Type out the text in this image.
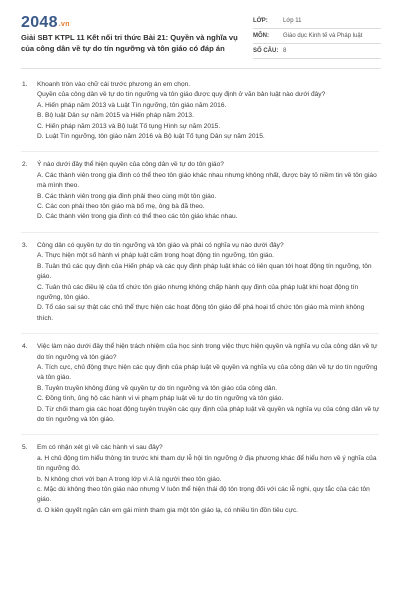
2048.vn
Giải SBT KTPL 11 Kết nối tri thức Bài 21: Quyền và nghĩa vụ của công dân về tự do tín ngưỡng và tôn giáo có đáp án
LỚP:	Lớp 11
MÔN:	Giáo dục Kinh tế và Pháp luật
SỐ CÂU: 8
1.	Khoanh tròn vào chữ cái trước phương án em chọn.
Quyền của công dân về tự do tín ngưỡng và tôn giáo được quy định ở văn bản luật nào dưới đây?

A. Hiến pháp năm 2013 và Luật Tín ngưỡng, tôn giáo năm 2016.

B. Bộ luật Dân sự năm 2015 và Hiến pháp năm 2013.

C. Hiến pháp năm 2013 và Bộ luật Tố tụng Hình sự năm 2015.

D. Luật Tín ngưỡng, tôn giáo năm 2016 và Bộ luật Tố tụng Dân sự năm 2015.

2.	Ý nào dưới đây thể hiện quyền của công dân về tự do tôn giáo?

A. Các thành viên trong gia đình có thể theo tôn giáo khác nhau nhưng không nhất, được bày tỏ niềm tin về tôn giáo mà mình theo.

B. Các thành viên trong gia đình phải theo cùng một tôn giáo.

C. Các con phải theo tôn giáo mà bố mẹ, ông bà đã theo.

D. Các thành viên trong gia đình có thể theo các tôn giáo khác nhau.

3.	Công dân có quyền tự do tín ngưỡng và tôn giáo và phải có nghĩa vụ nào dưới đây?

A. Thực hiện một số hành vi pháp luật cấm trong hoạt động tín ngưỡng, tôn giáo.

B. Tuân thủ các quy định của Hiến pháp và các quy định pháp luật khác có liên quan tới hoạt động tín ngưỡng, tôn giáo.

C. Tuân thủ các điều lệ của tổ chức tôn giáo nhưng không chấp hành quy định của pháp luật khi hoạt động tín ngưỡng, tôn giáo.

D. Tổ cáo sai sự thật các chủ thể thực hiện các hoạt động tôn giáo để phá hoại tổ chức tôn giáo mà mình không thích.

4.	Việc làm nào dưới đây thể hiện trách nhiệm của học sinh trong việc thực hiện quyền và nghĩa vụ của công dân về tự do tín ngưỡng và tôn giáo?

A. Tích cực, chủ động thực hiện các quy định của pháp luật về quyền và nghĩa vụ của công dân về tự do tín ngưỡng và tôn giáo.

B. Tuyên truyền không đúng về quyền tự do tín ngưỡng và tôn giáo của công dân.

C. Đồng tình, ủng hộ các hành vi vi phạm pháp luật về tự do tín ngưỡng và tôn giáo.

D. Từ chối tham gia các hoạt động tuyên truyền các quy định của pháp luật về quyền và nghĩa vụ của công dân về tự do tín ngưỡng và tôn giáo.

5.	Em có nhận xét gì về các hành vi sau đây?

a. H chủ động tìm hiểu thông tin trước khi tham dự lễ hội tín ngưỡng ở địa phương khác để hiểu hơn về ý nghĩa của tín ngưỡng đó.

b. N không chơi với bạn A trong lớp vì A là người theo tôn giáo.

c. Mặc dù không theo tôn giáo nào nhưng V luôn thể hiện thái độ tôn trọng đối với các lễ nghi, quy tắc của các tôn giáo.

d. O kiên quyết ngăn cản em gái mình tham gia một tôn giáo lạ, có nhiều tin đồn tiêu cực.
